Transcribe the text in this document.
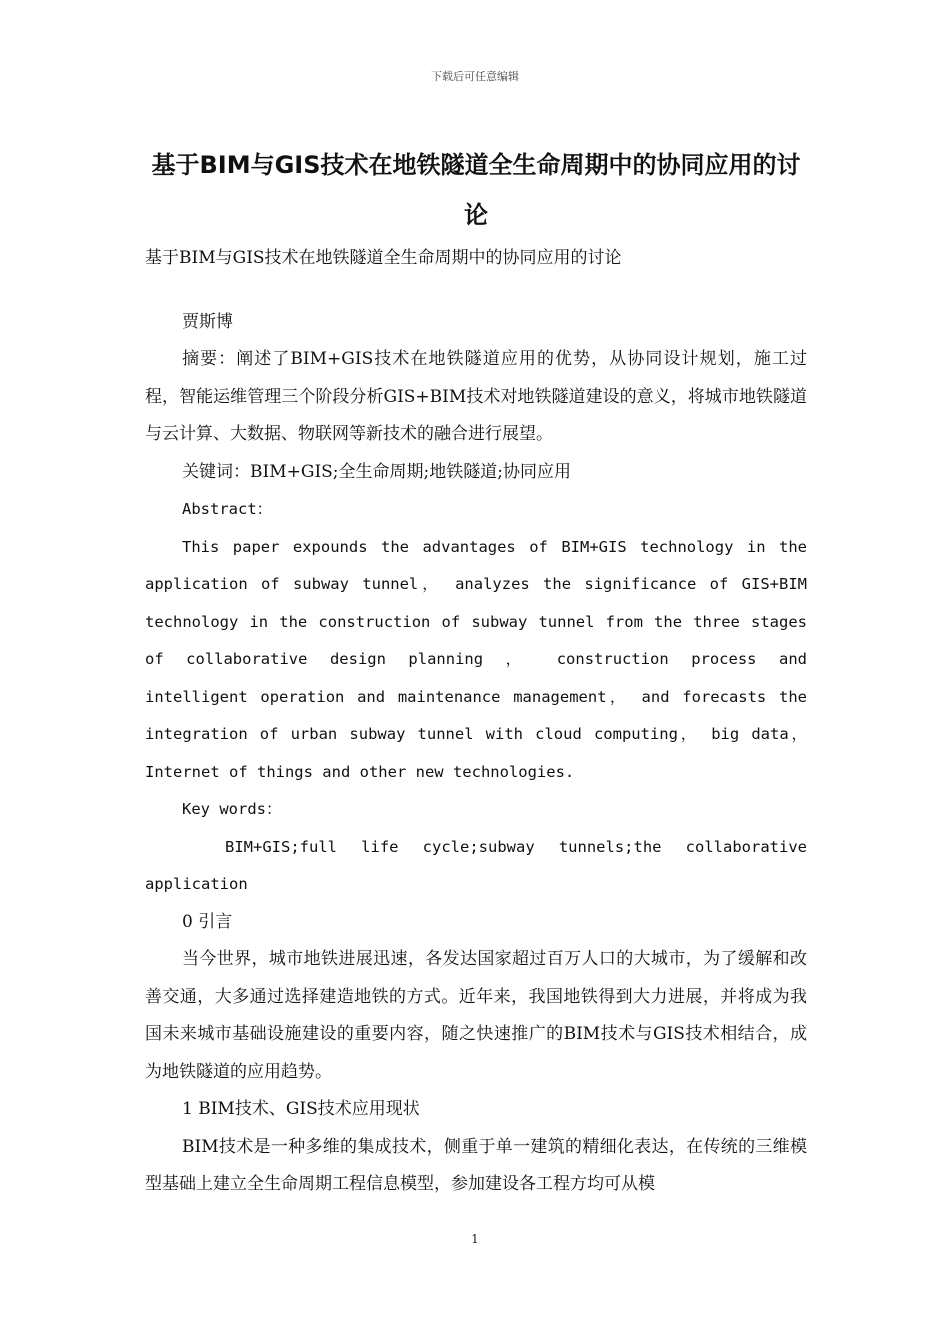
下载后可任意编辑
基于BIM与GIS技术在地铁隧道全生命周期中的协同应用的讨论

基于BIM与GIS技术在地铁隧道全生命周期中的协同应用的讨论

贾斯博

摘要：阐述了BIM+GIS技术在地铁隧道应用的优势，从协同设计规划，施工过程，智能运维管理三个阶段分析GIS+BIM技术对地铁隧道建设的意义，将城市地铁隧道与云计算、大数据、物联网等新技术的融合进行展望。

关键词：BIM+GIS;全生命周期;地铁隧道;协同应用

Abstract：

This paper expounds the advantages of BIM+GIS technology in the application of subway tunnel， analyzes the significance of GIS+BIM technology in the construction of subway tunnel from the three stages of collaborative design planning ， construction process and intelligent operation and maintenance management， and forecasts the integration of urban subway tunnel with cloud computing， big data， Internet of things and other new technologies.

Key words：

BIM+GIS;full life cycle;subway tunnels;the collaborative application

0 引言

当今世界，城市地铁进展迅速，各发达国家超过百万人口的大城市，为了缓解和改善交通，大多通过选择建造地铁的方式。近年来，我国地铁得到大力进展，并将成为我国未来城市基础设施建设的重要内容，随之快速推广的BIM技术与GIS技术相结合，成为地铁隧道的应用趋势。

1 BIM技术、GIS技术应用现状

BIM技术是一种多维的集成技术，侧重于单一建筑的精细化表达，在传统的三维模型基础上建立全生命周期工程信息模型，参加建设各工程方均可从模

1
